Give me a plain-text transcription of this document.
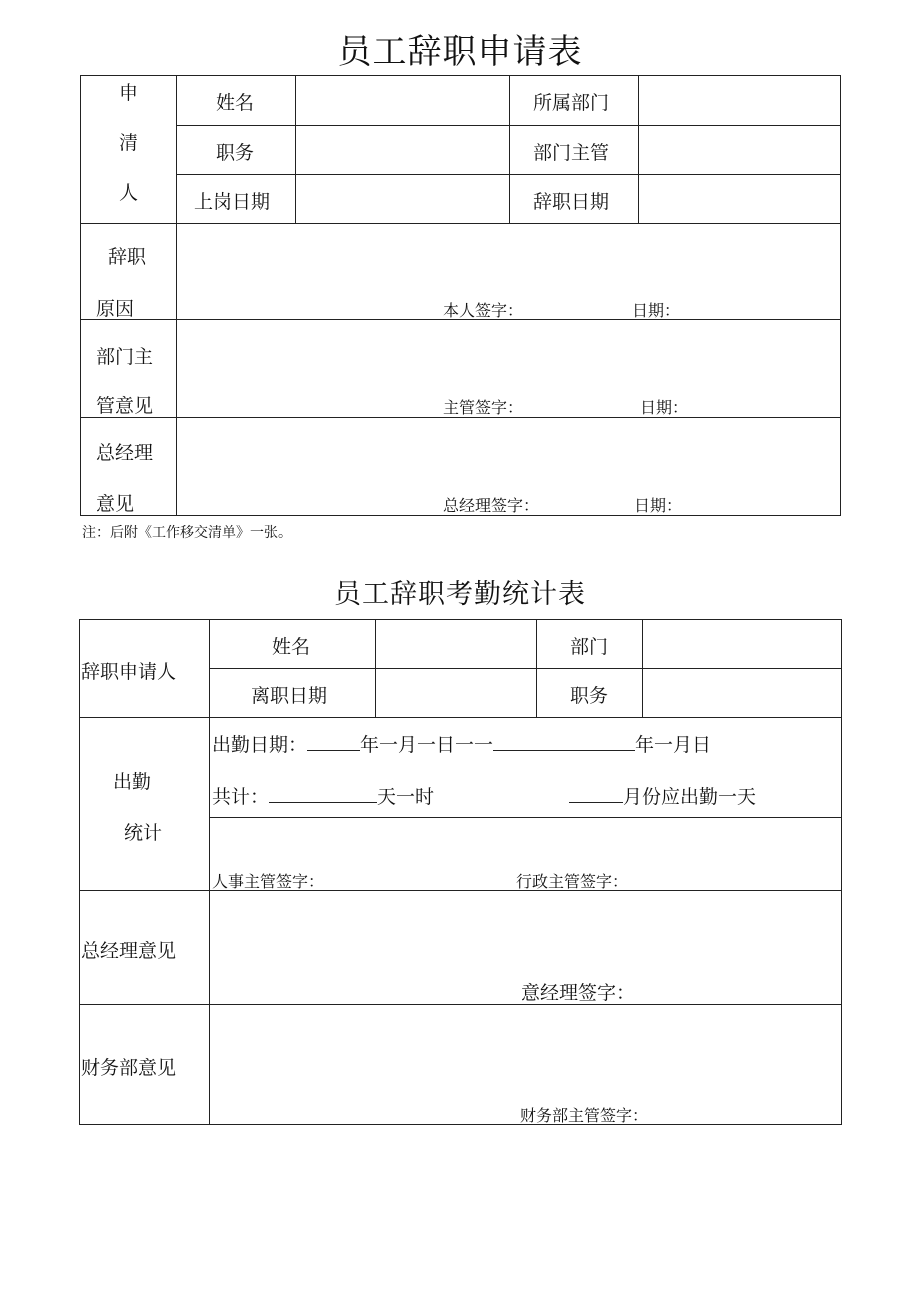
员工辞职申请表
申
清
人
姓名	所属部门
职务	部门主管
上岗日期	辞职日期
辞职
原因	本人签字：	日期：
部门主
管意见	主管签字：	日期：
总经理
意见	总经理签字：	日期：
注：后附《工作移交清单》一张。
员工辞职考勤统计表
辞职申请人
姓名	部门
离职日期	职务
出勤
统计
出勤日期：	年一月一日一一	年一月日
共计：	天一时	月份应出勤一天
人事主管签字：	行政主管签字：
总经理意见
意经理签字：
财务部意见
财务部主管签字：
